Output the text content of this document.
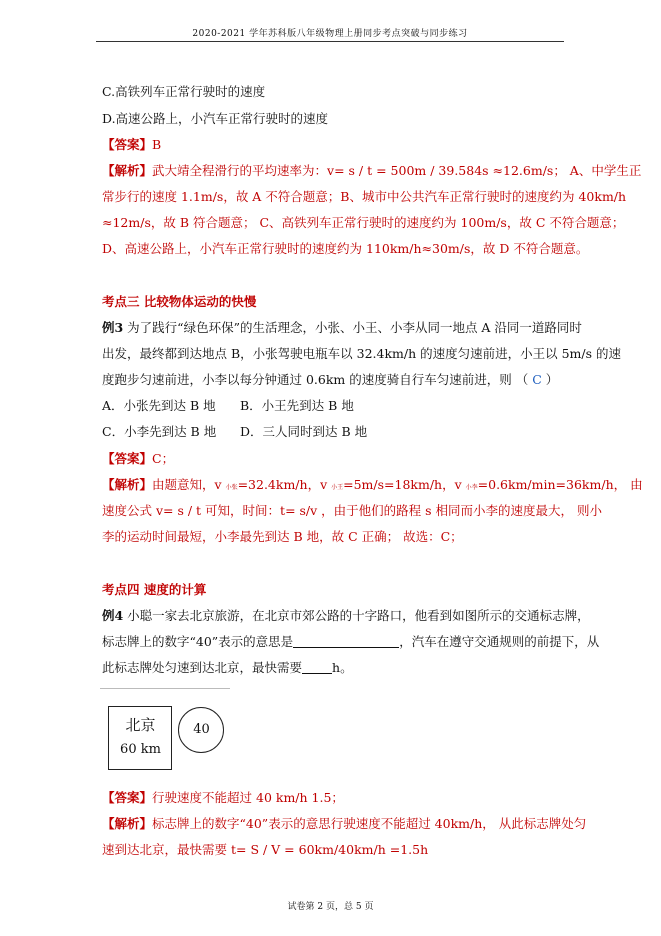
2020-2021 学年苏科版八年级物理上册同步考点突破与同步练习
C.高铁列车正常行驶时的速度
D.高速公路上，小汽车正常行驶时的速度
【答案】B
【解析】武大靖全程滑行的平均速率为：v= s / t = 500m / 39.584s ≈12.6m/s； A、中学生正
常步行的速度 1.1m/s，故 A 不符合题意；B、城市中公共汽车正常行驶时的速度约为 40km/h
≈12m/s，故 B 符合题意； C、高铁列车正常行驶时的速度约为 100m/s，故 C 不符合题意；
D、高速公路上，小汽车正常行驶时的速度约为 110km/h≈30m/s，故 D 不符合题意。
考点三 比较物体运动的快慢
例3 为了践行“绿色环保”的生活理念，小张、小王、小李从同一地点 A 沿同一道路同时
出发，最终都到达地点 B，小张驾驶电瓶车以 32.4km/h 的速度匀速前进，小王以 5m/s 的速
度跑步匀速前进，小李以每分钟通过 0.6km 的速度骑自行车匀速前进，则 （ C ）
A．小张先到达 B 地 B．小王先到达 B 地
C．小李先到达 B 地 D．三人同时到达 B 地
【答案】C；
【解析】由题意知，v 小张=32.4km/h，v 小王=5m/s=18km/h，v 小李=0.6km/min=36km/h， 由
速度公式 v= s / t 可知，时间：t= s/v ，由于他们的路程 s 相同而小李的速度最大， 则小
李的运动时间最短，小李最先到达 B 地，故 C 正确； 故选：C；
考点四 速度的计算
例4 小聪一家去北京旅游，在北京市郊公路的十字路口，他看到如图所示的交通标志牌，
标志牌上的数字“40”表示的意思是	，汽车在遵守交通规则的前提下，从
此标志牌处匀速到达北京，最快需要 h。
北京
60 km
40
【答案】行驶速度不能超过 40 km/h 1.5；
【解析】标志牌上的数字“40”表示的意思行驶速度不能超过 40km/h， 从此标志牌处匀
速到达北京，最快需要 t= S / V = 60km/40km/h =1.5h
试卷第 2 页，总 5 页
